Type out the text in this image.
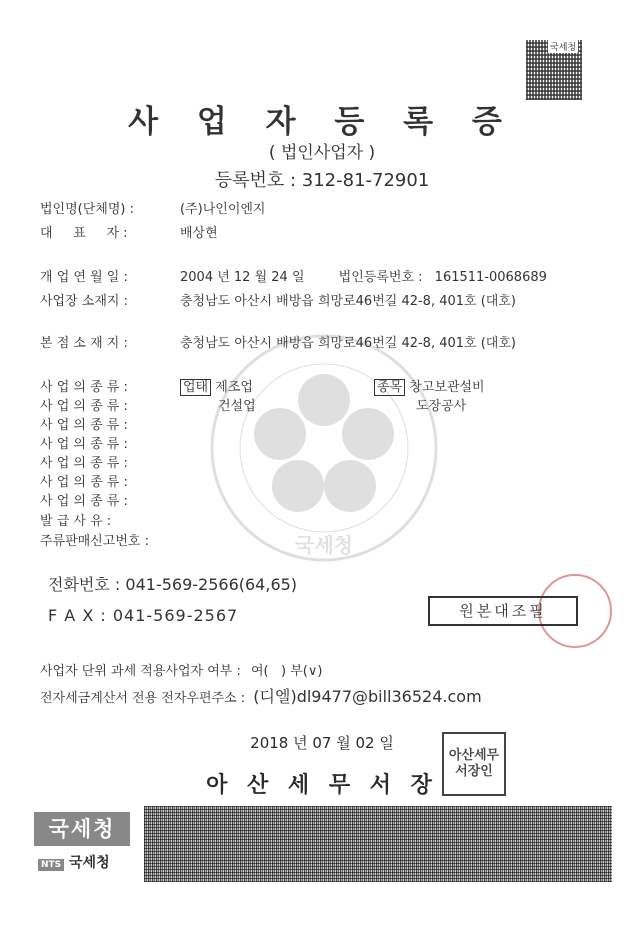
국세청
사 업 자 등 록 증
( 법인사업자 )
등록번호 : 312-81-72901
NTS
국세청
법인명(단체명) :	(주)나인이엔지
대     표     자 :	배상현
개 업 연 월 일 :	2004 년 12 월 24 일	법인등록번호 : 161511-0068689
사업장 소재지 :	충청남도 아산시 배방읍 희망로46번길 42-8, 401호 (대호)
본 점 소 재 지 :	충청남도 아산시 배방읍 희망로46번길 42-8, 401호 (대호)
사 업 의 종 류 :	업태 제조업	종목 창고보관설비
사 업 의 종 류 :	건설업	도장공사
사 업 의 종 류 :
사 업 의 종 류 :
사 업 의 종 류 :
사 업 의 종 류 :
사 업 의 종 류 :
발 급 사 유 :
주류판매신고번호 :
전화번호 : 041-569-2566(64,65)
F A X : 041-569-2567	원본대조필
사업자 단위 과세 적용사업자 여부 : 여(   ) 부(∨)
전자세금계산서 전용 전자우편주소 : (디엘)dl9477@bill36524.com
2018 년 07 월 02 일
아 산 세 무 서 장
아산세무서장인
국세청
NTS 국세청
